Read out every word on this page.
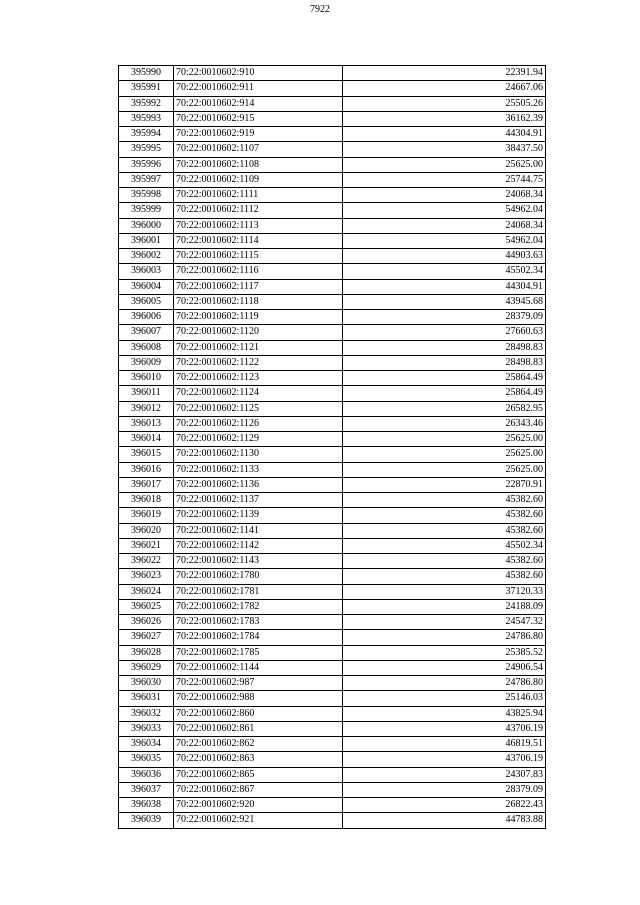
7922
395990	70:22:0010602:910	22391.94
395991	70:22:0010602:911	24667.06
395992	70:22:0010602:914	25505.26
395993	70:22:0010602:915	36162.39
395994	70:22:0010602:919	44304.91
395995	70:22:0010602:1107	38437.50
395996	70:22:0010602:1108	25625.00
395997	70:22:0010602:1109	25744.75
395998	70:22:0010602:1111	24068.34
395999	70:22:0010602:1112	54962.04
396000	70:22:0010602:1113	24068.34
396001	70:22:0010602:1114	54962.04
396002	70:22:0010602:1115	44903.63
396003	70:22:0010602:1116	45502.34
396004	70:22:0010602:1117	44304.91
396005	70:22:0010602:1118	43945.68
396006	70:22:0010602:1119	28379.09
396007	70:22:0010602:1120	27660.63
396008	70:22:0010602:1121	28498.83
396009	70:22:0010602:1122	28498.83
396010	70:22:0010602:1123	25864.49
396011	70:22:0010602:1124	25864.49
396012	70:22:0010602:1125	26582.95
396013	70:22:0010602:1126	26343.46
396014	70:22:0010602:1129	25625.00
396015	70:22:0010602:1130	25625.00
396016	70:22:0010602:1133	25625.00
396017	70:22:0010602:1136	22870.91
396018	70:22:0010602:1137	45382.60
396019	70:22:0010602:1139	45382.60
396020	70:22:0010602:1141	45382.60
396021	70:22:0010602:1142	45502.34
396022	70:22:0010602:1143	45382.60
396023	70:22:0010602:1780	45382.60
396024	70:22:0010602:1781	37120.33
396025	70:22:0010602:1782	24188.09
396026	70:22:0010602:1783	24547.32
396027	70:22:0010602:1784	24786.80
396028	70:22:0010602:1785	25385.52
396029	70:22:0010602:1144	24906.54
396030	70:22:0010602:987	24786.80
396031	70:22:0010602:988	25146.03
396032	70:22:0010602:860	43825.94
396033	70:22:0010602:861	43706.19
396034	70:22:0010602:862	46819.51
396035	70:22:0010602:863	43706.19
396036	70:22:0010602:865	24307.83
396037	70:22:0010602:867	28379.09
396038	70:22:0010602:920	26822.43
396039	70:22:0010602:921	44783.88
